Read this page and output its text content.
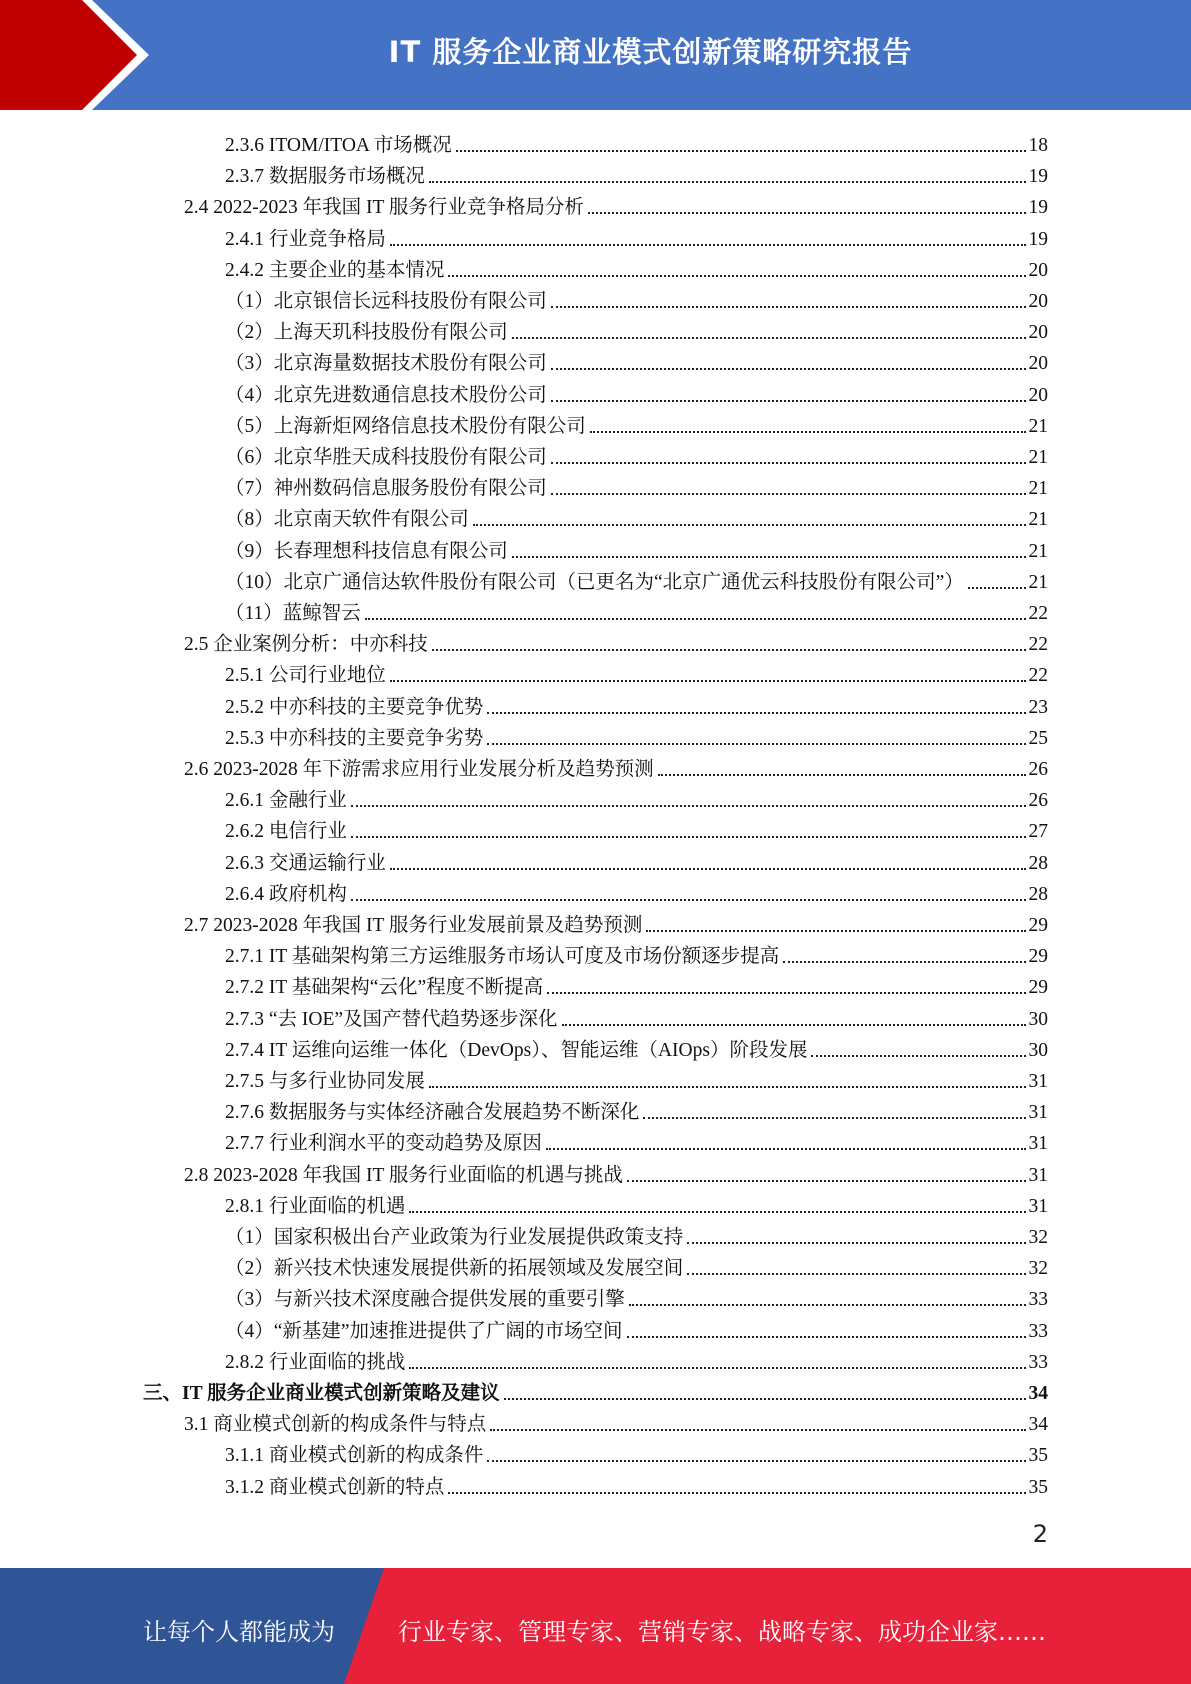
IT 服务企业商业模式创新策略研究报告
2.3.6 ITOM/ITOA 市场概况	18
2.3.7 数据服务市场概况	19
2.4 2022-2023 年我国 IT 服务行业竞争格局分析	19
2.4.1 行业竞争格局	19
2.4.2 主要企业的基本情况	20
（1）北京银信长远科技股份有限公司	20
（2）上海天玑科技股份有限公司	20
（3）北京海量数据技术股份有限公司	20
（4）北京先进数通信息技术股份公司	20
（5）上海新炬网络信息技术股份有限公司	21
（6）北京华胜天成科技股份有限公司	21
（7）神州数码信息服务股份有限公司	21
（8）北京南天软件有限公司	21
（9）长春理想科技信息有限公司	21
（10）北京广通信达软件股份有限公司（已更名为“北京广通优云科技股份有限公司”）	21
（11）蓝鲸智云	22
2.5 企业案例分析：中亦科技	22
2.5.1 公司行业地位	22
2.5.2 中亦科技的主要竞争优势	23
2.5.3 中亦科技的主要竞争劣势	25
2.6 2023-2028 年下游需求应用行业发展分析及趋势预测	26
2.6.1 金融行业	26
2.6.2 电信行业	27
2.6.3 交通运输行业	28
2.6.4 政府机构	28
2.7 2023-2028 年我国 IT 服务行业发展前景及趋势预测	29
2.7.1 IT 基础架构第三方运维服务市场认可度及市场份额逐步提高	29
2.7.2 IT 基础架构“云化”程度不断提高	29
2.7.3 “去 IOE”及国产替代趋势逐步深化	30
2.7.4 IT 运维向运维一体化（DevOps）、智能运维（AIOps）阶段发展	30
2.7.5 与多行业协同发展	31
2.7.6 数据服务与实体经济融合发展趋势不断深化	31
2.7.7 行业利润水平的变动趋势及原因	31
2.8 2023-2028 年我国 IT 服务行业面临的机遇与挑战	31
2.8.1 行业面临的机遇	31
（1）国家积极出台产业政策为行业发展提供政策支持	32
（2）新兴技术快速发展提供新的拓展领域及发展空间	32
（3）与新兴技术深度融合提供发展的重要引擎	33
（4）“新基建”加速推进提供了广阔的市场空间	33
2.8.2 行业面临的挑战	33
三、IT 服务企业商业模式创新策略及建议	34
3.1 商业模式创新的构成条件与特点	34
3.1.1 商业模式创新的构成条件	35
3.1.2 商业模式创新的特点	35
2
让每个人都能成为	行业专家、管理专家、营销专家、战略专家、成功企业家……
